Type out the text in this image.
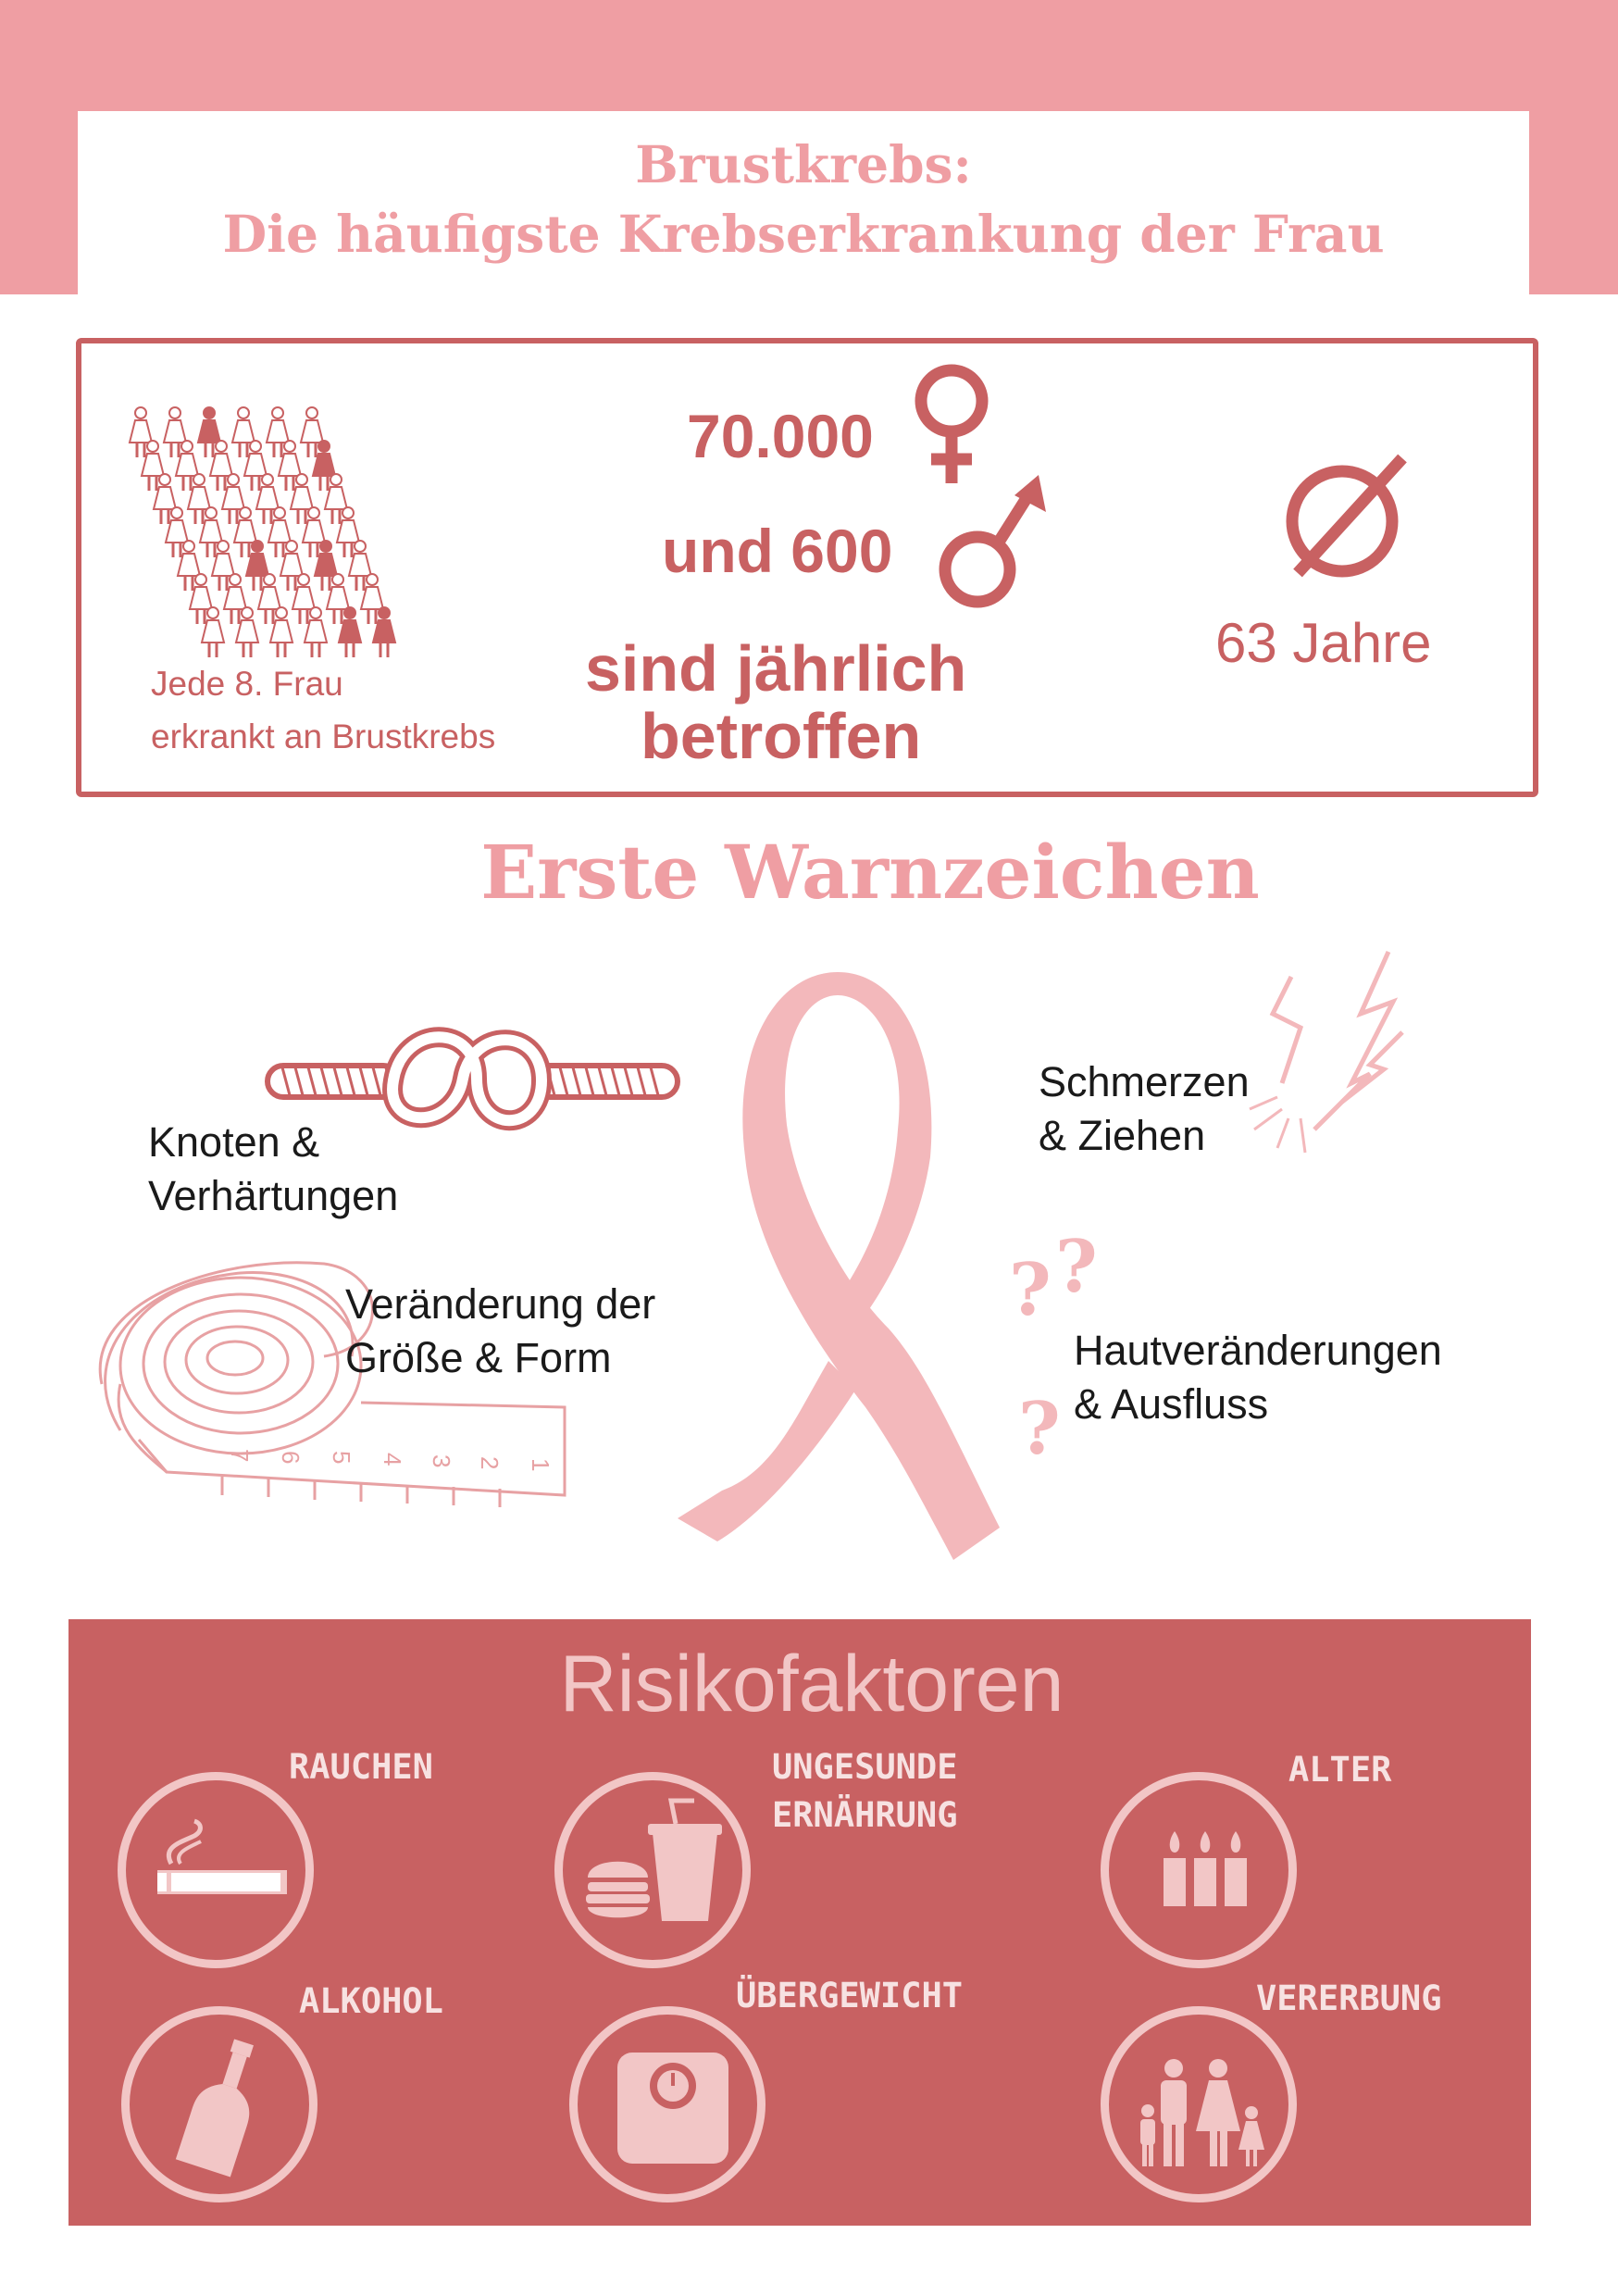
Brustkrebs:
Die häufigste Krebserkrankung der Frau
Jede 8. Frau
erkrankt an Brustkrebs
70.000
und 600
sind jährlich
betroffen
63 Jahre
Erste Warnzeichen
Knoten &
Verhärtungen
1
2
3
4
5
6
7
Veränderung der
Größe & Form
Schmerzen
& Ziehen
? ?
?
Hautveränderungen
& Ausfluss
Risikofaktoren
RAUCHEN	UNGESUNDE
ERNÄHRUNG
ALTER
ALKOHOL	ÜBERGEWICHT	VERERBUNG
